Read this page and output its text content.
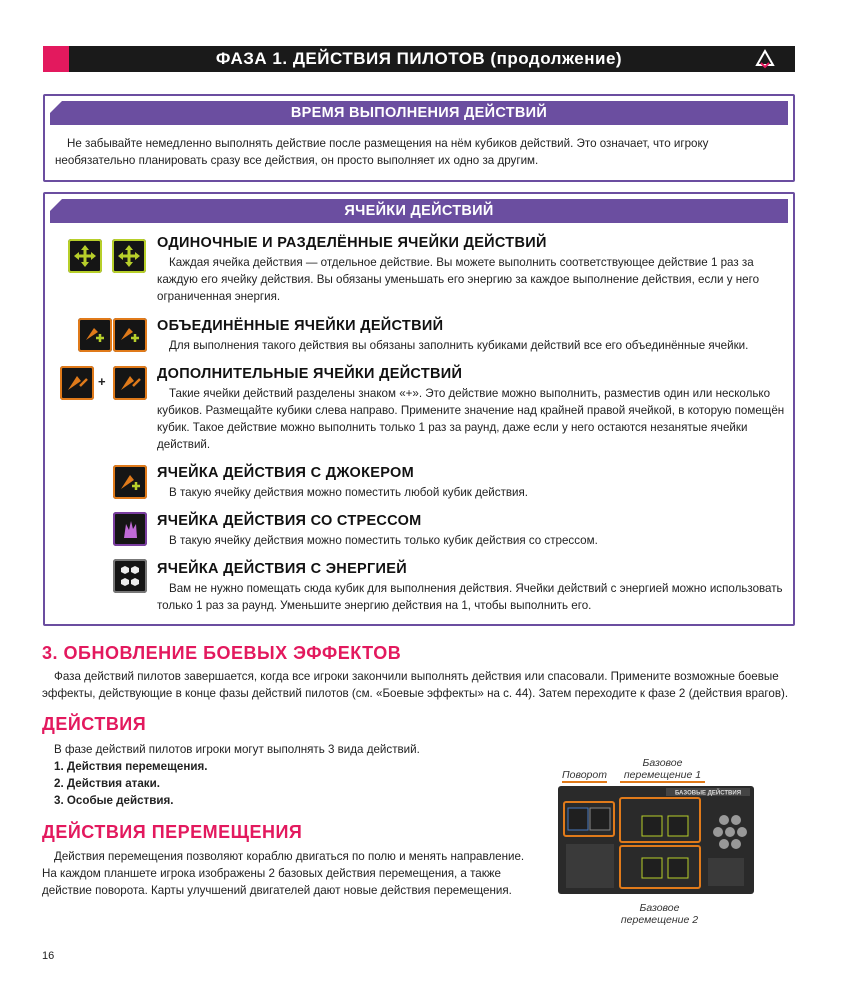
ФАЗА 1. ДЕЙСТВИЯ ПИЛОТОВ (продолжение)
ВРЕМЯ ВЫПОЛНЕНИЯ ДЕЙСТВИЙ
Не забывайте немедленно выполнять действие после размещения на нём кубиков действий. Это означает, что игроку необязательно планировать сразу все действия, он просто выполняет их одно за другим.
ЯЧЕЙКИ ДЕЙСТВИЙ
ОДИНОЧНЫЕ И РАЗДЕЛЁННЫЕ ЯЧЕЙКИ ДЕЙСТВИЙ
Каждая ячейка действия — отдельное действие. Вы можете выполнить соответствующее действие 1 раз за каждую его ячейку действия. Вы обязаны уменьшать его энергию за каждое выполнение действия, если у него ограниченная энергия.
ОБЪЕДИНЁННЫЕ ЯЧЕЙКИ ДЕЙСТВИЙ
Для выполнения такого действия вы обязаны заполнить кубиками действий все его объединённые ячейки.
+	ДОПОЛНИТЕЛЬНЫЕ ЯЧЕЙКИ ДЕЙСТВИЙ
Такие ячейки действий разделены знаком «+». Это действие можно выполнить, разместив один или несколько кубиков. Размещайте кубики слева направо. Примените значение над крайней правой ячейкой, в которую помещён кубик. Такое действие можно выполнить только 1 раз за раунд, даже если у него остаются незанятые ячейки действий.
ЯЧЕЙКА ДЕЙСТВИЯ С ДЖОКЕРОМ
В такую ячейку действия можно поместить любой кубик действия.
ЯЧЕЙКА ДЕЙСТВИЯ СО СТРЕССОМ
В такую ячейку действия можно поместить только кубик действия со стрессом.
ЯЧЕЙКА ДЕЙСТВИЯ С ЭНЕРГИЕЙ
Вам не нужно помещать сюда кубик для выполнения действия. Ячейки действий с энергией можно использовать только 1 раз за раунд. Уменьшите энергию действия на 1, чтобы выполнить его.
3. ОБНОВЛЕНИЕ БОЕВЫХ ЭФФЕКТОВ
Фаза действий пилотов завершается, когда все игроки закончили выполнять действия или спасовали. Примените возможные боевые эффекты, действующие в конце фазы действий пилотов (см. «Боевые эффекты» на с. 44). Затем переходите к фазе 2 (действия врагов).
ДЕЙСТВИЯ
В фазе действий пилотов игроки могут выполнять 3 вида действий.
1. Действия перемещения.
2. Действия атаки.
3. Особые действия.
ДЕЙСТВИЯ ПЕРЕМЕЩЕНИЯ
Действия перемещения позволяют кораблю двигаться по полю и менять направление. На каждом планшете игрока изображены 2 базовых действия перемещения, а также действие поворота. Карты улучшений двигателей дают новые действия перемещения.
Поворот
Базовое
перемещение 1
БАЗОВЫЕ ДЕЙСТВИЯ
Базовое
перемещение 2
16
